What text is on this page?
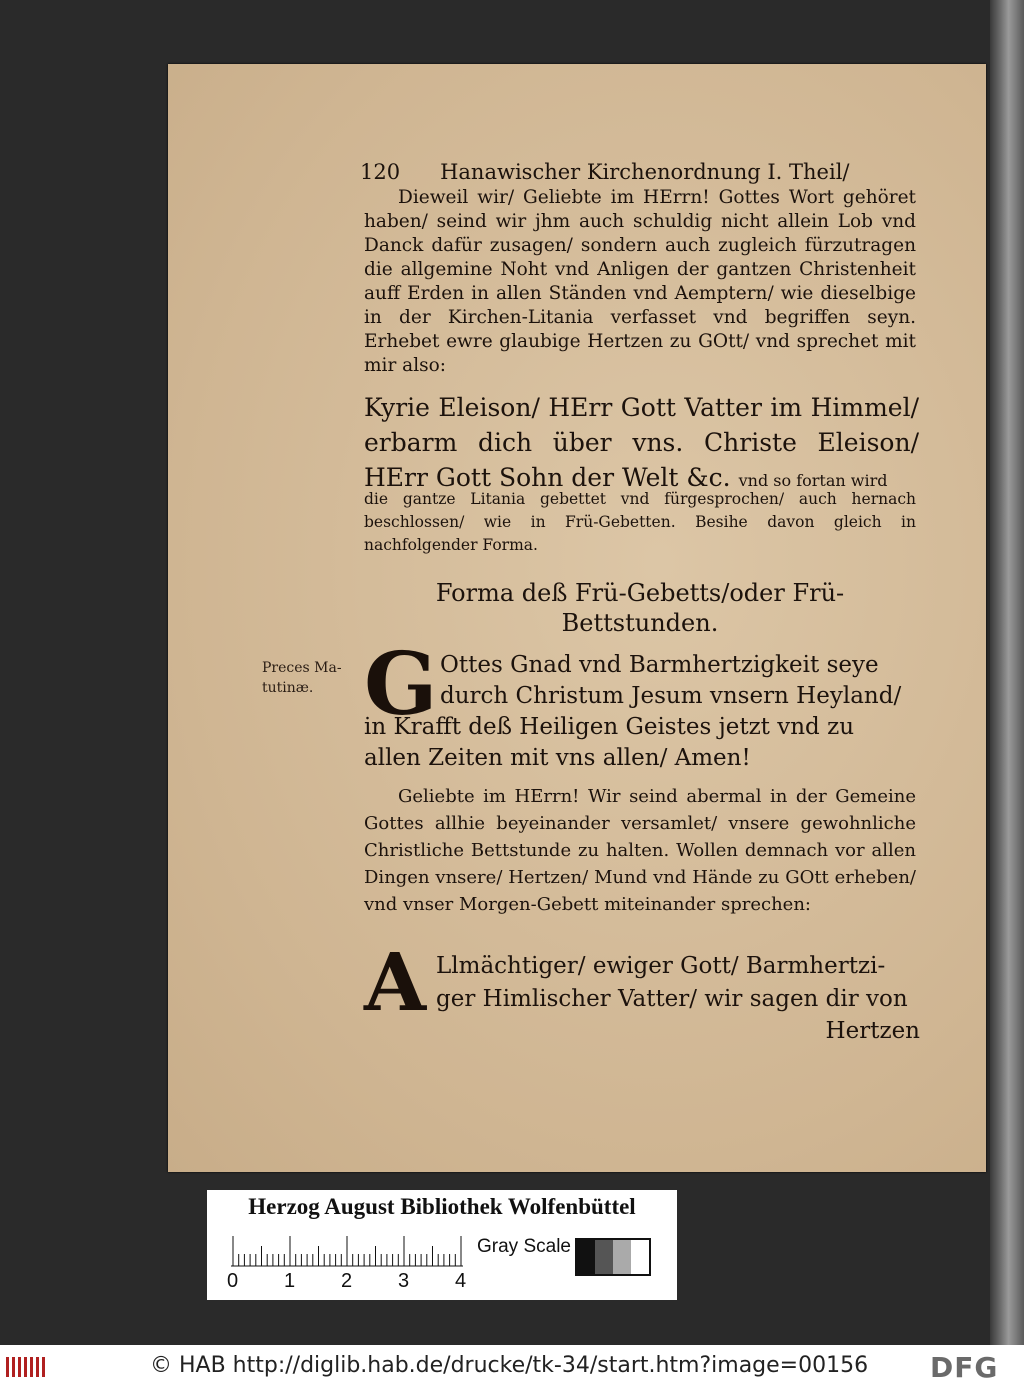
120 Hanawischer Kirchenordnung I. Theil/

Dieweil wir/ Geliebte im HErrn! Gottes Wort gehöret haben/ seind wir jhm auch schuldig nicht allein Lob vnd Danck dafür zusagen/ sondern auch zugleich fürzutragen die allgemine Noht vnd Anligen der gantzen Christenheit auff Erden in allen Ständen vnd Aemptern/ wie dieselbige in der Kirchen-Litania verfasset vnd begriffen seyn. Erhebet ewre glaubige Hertzen zu GOtt/ vnd sprechet mit mir also:

Kyrie Eleison/ HErr Gott Vatter im Himmel/ erbarm dich über vns. Christe Eleison/ HErr Gott Sohn der Welt &c. vnd so fortan wird
die gantze Litania gebettet vnd fürgesprochen/ auch hernach beschlossen/ wie in Frü-Gebetten. Besihe davon gleich in nachfolgender Forma.
Forma deß Frü-Gebetts/oder Frü-
Bettstunden.
Preces Ma-
tutinæ. G Ottes Gnad vnd Barmhertzigkeit seye
durch Christum Jesum vnsern Heyland/
in Krafft deß Heiligen Geistes jetzt vnd zu allen Zeiten mit vns allen/ Amen!

Geliebte im HErrn! Wir seind abermal in der Gemeine Gottes allhie beyeinander versamlet/ vnsere gewohnliche Christliche Bettstunde zu halten. Wollen demnach vor allen Dingen vnsere/ Hertzen/ Mund vnd Hände zu GOtt erheben/ vnd vnser Morgen-Gebett miteinander sprechen:

A Llmächtiger/ ewiger Gott/ Barmhertzi-
ger Himlischer Vatter/ wir sagen dir von
Hertzen
Herzog August Bibliothek Wolfenbüttel
0 1 2 3 4
Gray Scale
© HAB http://diglib.hab.de/drucke/tk-34/start.htm?image=00156 DFG
